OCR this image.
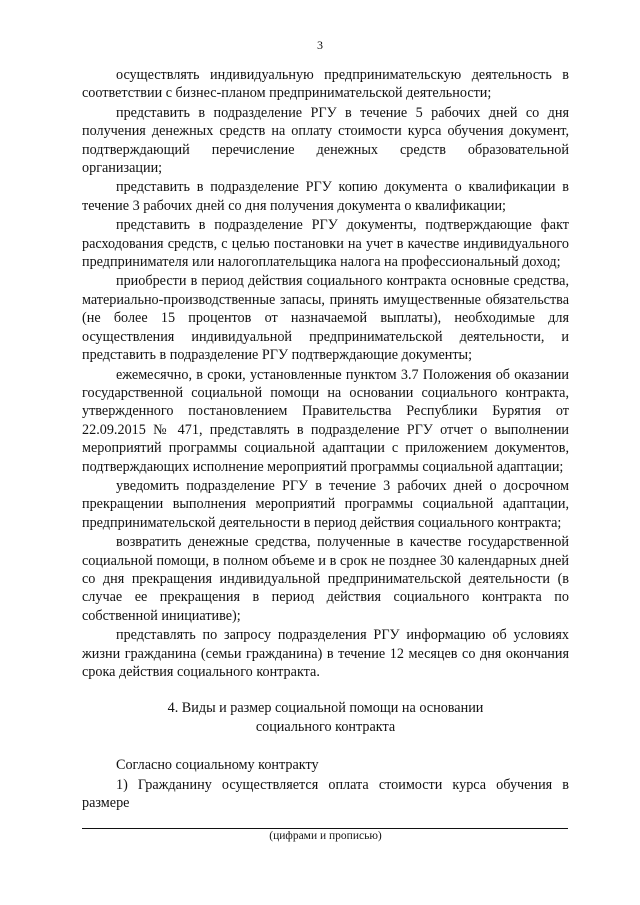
3

осуществлять индивидуальную предпринимательскую деятельность в соответствии с бизнес-планом предпринимательской деятельности;

представить в подразделение РГУ в течение 5 рабочих дней со дня получения денежных средств на оплату стоимости курса обучения документ, подтверждающий перечисление денежных средств образовательной организации;

представить в подразделение РГУ копию документа о квалификации в течение 3 рабочих дней со дня получения документа о квалификации;

представить в подразделение РГУ документы, подтверждающие факт расходования средств, с целью постановки на учет в качестве индивидуального предпринимателя или налогоплательщика налога на профессиональный доход;

приобрести в период действия социального контракта основные средства, материально-производственные запасы, принять имущественные обязательства (не более 15 процентов от назначаемой выплаты), необходимые для осуществления индивидуальной предпринимательской деятельности, и представить в подразделение РГУ подтверждающие документы;

ежемесячно, в сроки, установленные пунктом 3.7 Положения об оказании государственной социальной помощи на основании социального контракта, утвержденного постановлением Правительства Республики Бурятия от 22.09.2015 № 471, представлять в подразделение РГУ отчет о выполнении мероприятий программы социальной адаптации с приложением документов, подтверждающих исполнение мероприятий программы социальной адаптации;

уведомить подразделение РГУ в течение 3 рабочих дней о досрочном прекращении выполнения мероприятий программы социальной адаптации, предпринимательской деятельности в период действия социального контракта;

возвратить денежные средства, полученные в качестве государственной социальной помощи, в полном объеме и в срок не позднее 30 календарных дней со дня прекращения индивидуальной предпринимательской деятельности (в случае ее прекращения в период действия социального контракта по собственной инициативе);

представлять по запросу подразделения РГУ информацию об условиях жизни гражданина (семьи гражданина) в течение 12 месяцев со дня окончания срока действия социального контракта.

4. Виды и размер социальной помощи на основании
социального контракта

Согласно социальному контракту

1) Гражданину осуществляется оплата стоимости курса обучения в размере

(цифрами и прописью)
